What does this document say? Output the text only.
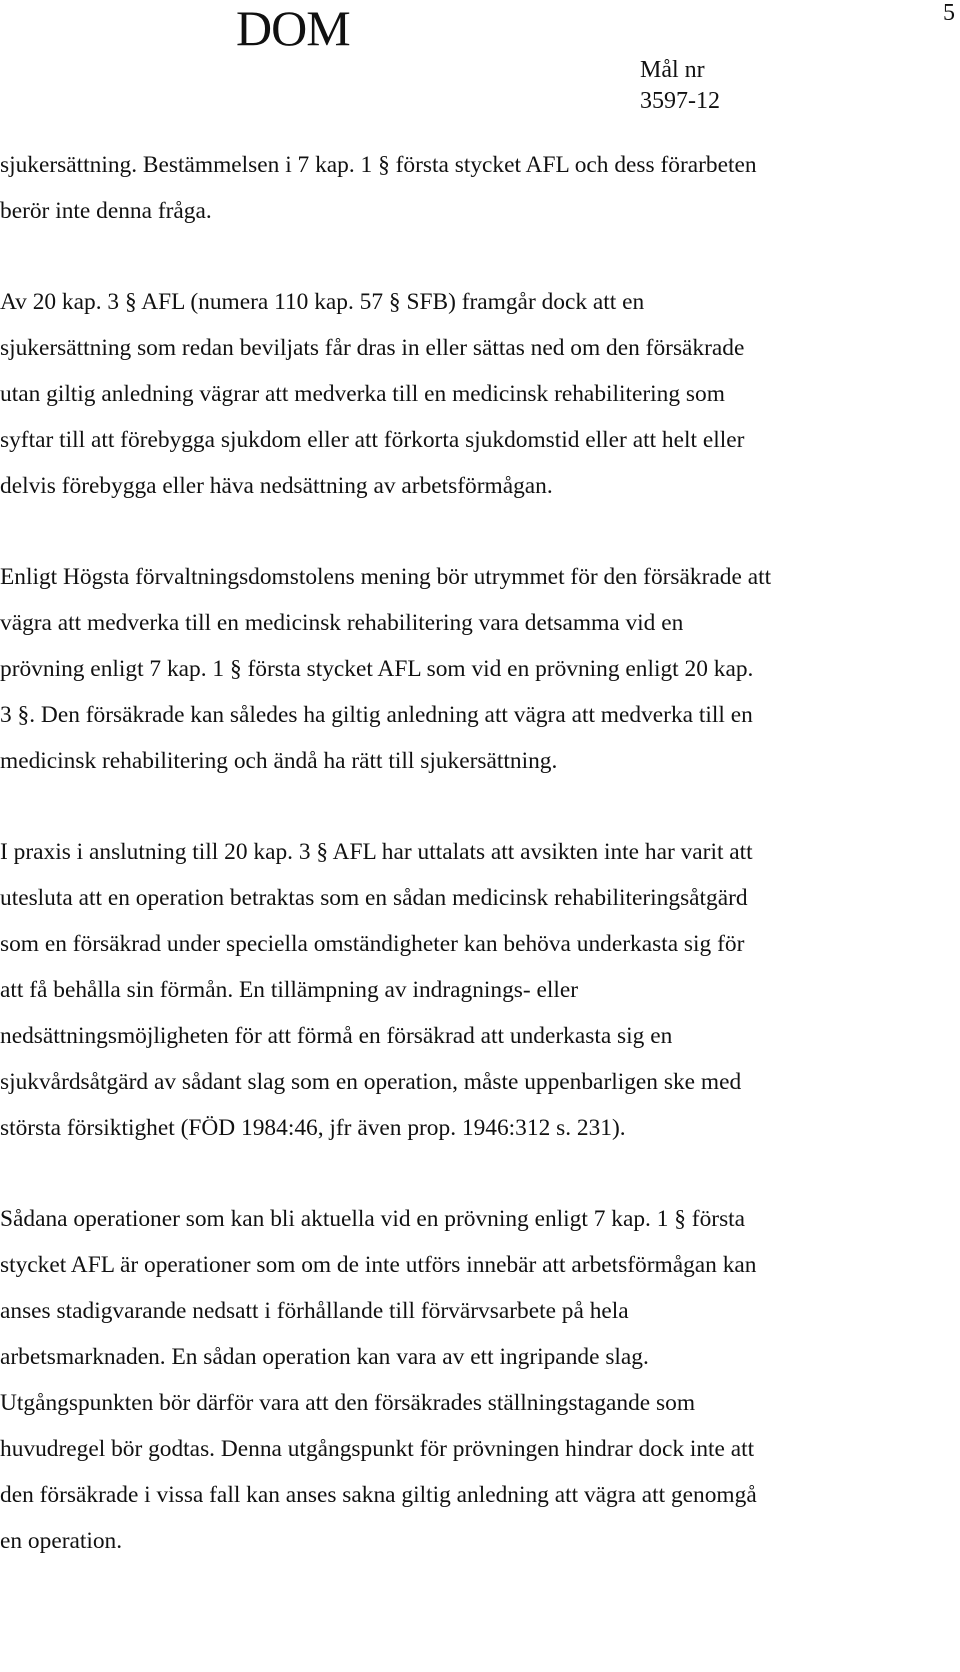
DOM	5
Mål nr
3597-12

sjukersättning. Bestämmelsen i 7 kap. 1 § första stycket AFL och dess förarbeten

berör inte denna fråga.

Av 20 kap. 3 § AFL (numera 110 kap. 57 § SFB) framgår dock att en

sjukersättning som redan beviljats får dras in eller sättas ned om den försäkrade

utan giltig anledning vägrar att medverka till en medicinsk rehabilitering som

syftar till att förebygga sjukdom eller att förkorta sjukdomstid eller att helt eller

delvis förebygga eller häva nedsättning av arbetsförmågan.

Enligt Högsta förvaltningsdomstolens mening bör utrymmet för den försäkrade att

vägra att medverka till en medicinsk rehabilitering vara detsamma vid en

prövning enligt 7 kap. 1 § första stycket AFL som vid en prövning enligt 20 kap.

3 §. Den försäkrade kan således ha giltig anledning att vägra att medverka till en

medicinsk rehabilitering och ändå ha rätt till sjukersättning.

I praxis i anslutning till 20 kap. 3 § AFL har uttalats att avsikten inte har varit att

utesluta att en operation betraktas som en sådan medicinsk rehabiliteringsåtgärd

som en försäkrad under speciella omständigheter kan behöva underkasta sig för

att få behålla sin förmån. En tillämpning av indragnings- eller

nedsättningsmöjligheten för att förmå en försäkrad att underkasta sig en

sjukvårdsåtgärd av sådant slag som en operation, måste uppenbarligen ske med

största försiktighet (FÖD 1984:46, jfr även prop. 1946:312 s. 231).

Sådana operationer som kan bli aktuella vid en prövning enligt 7 kap. 1 § första

stycket AFL är operationer som om de inte utförs innebär att arbetsförmågan kan

anses stadigvarande nedsatt i förhållande till förvärvsarbete på hela

arbetsmarknaden. En sådan operation kan vara av ett ingripande slag.

Utgångspunkten bör därför vara att den försäkrades ställningstagande som

huvudregel bör godtas. Denna utgångspunkt för prövningen hindrar dock inte att

den försäkrade i vissa fall kan anses sakna giltig anledning att vägra att genomgå

en operation.
